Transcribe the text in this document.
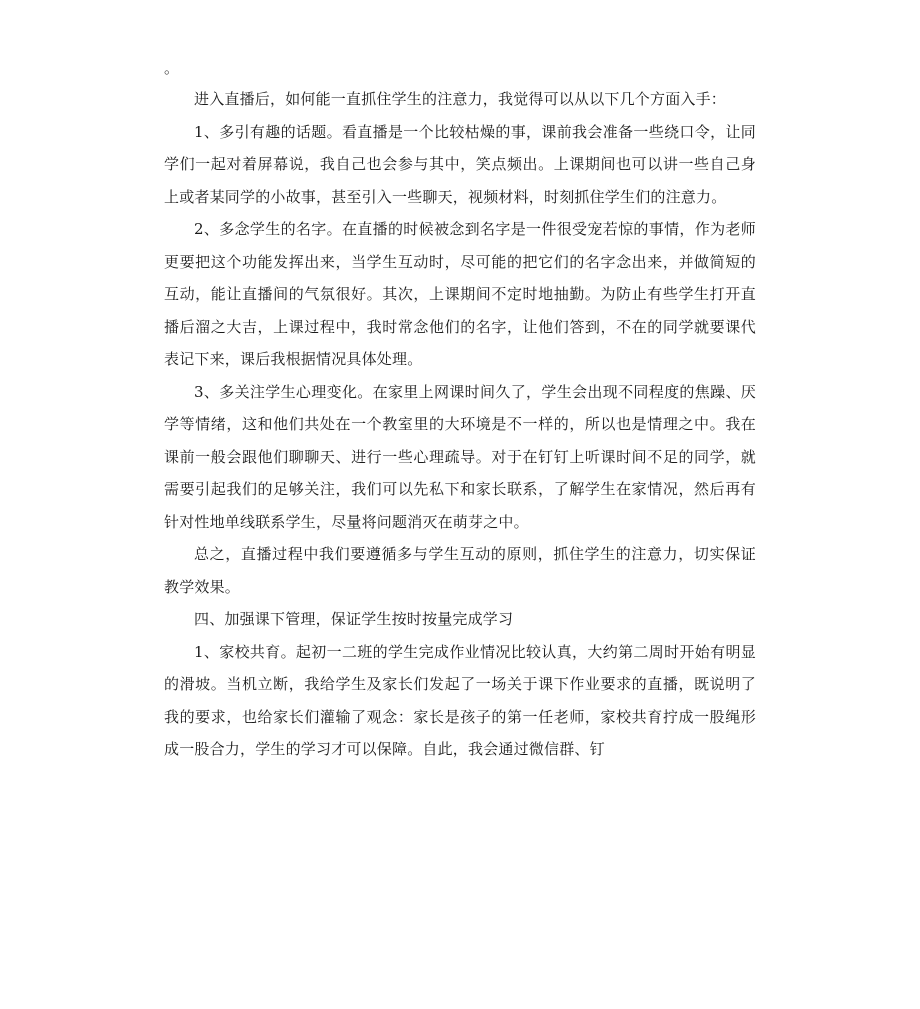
。

进入直播后，如何能一直抓住学生的注意力，我觉得可以从以下几个方面入手：

1、多引有趣的话题。看直播是一个比较枯燥的事，课前我会准备一些绕口令，让同学们一起对着屏幕说，我自己也会参与其中，笑点频出。上课期间也可以讲一些自己身上或者某同学的小故事，甚至引入一些聊天，视频材料，时刻抓住学生们的注意力。

2、多念学生的名字。在直播的时候被念到名字是一件很受宠若惊的事情，作为老师更要把这个功能发挥出来，当学生互动时，尽可能的把它们的名字念出来，并做简短的互动，能让直播间的气氛很好。其次，上课期间不定时地抽勤。为防止有些学生打开直播后溜之大吉，上课过程中，我时常念他们的名字，让他们答到，不在的同学就要课代表记下来，课后我根据情况具体处理。

3、多关注学生心理变化。在家里上网课时间久了，学生会出现不同程度的焦躁、厌学等情绪，这和他们共处在一个教室里的大环境是不一样的，所以也是情理之中。我在课前一般会跟他们聊聊天、进行一些心理疏导。对于在钉钉上听课时间不足的同学，就需要引起我们的足够关注，我们可以先私下和家长联系，了解学生在家情况，然后再有针对性地单线联系学生，尽量将问题消灭在萌芽之中。

总之，直播过程中我们要遵循多与学生互动的原则，抓住学生的注意力，切实保证教学效果。

四、加强课下管理，保证学生按时按量完成学习

1、家校共育。起初一二班的学生完成作业情况比较认真，大约第二周时开始有明显的滑坡。当机立断，我给学生及家长们发起了一场关于课下作业要求的直播，既说明了我的要求，也给家长们灌输了观念：家长是孩子的第一任老师，家校共育拧成一股绳形成一股合力，学生的学习才可以保障。自此，我会通过微信群、钉
